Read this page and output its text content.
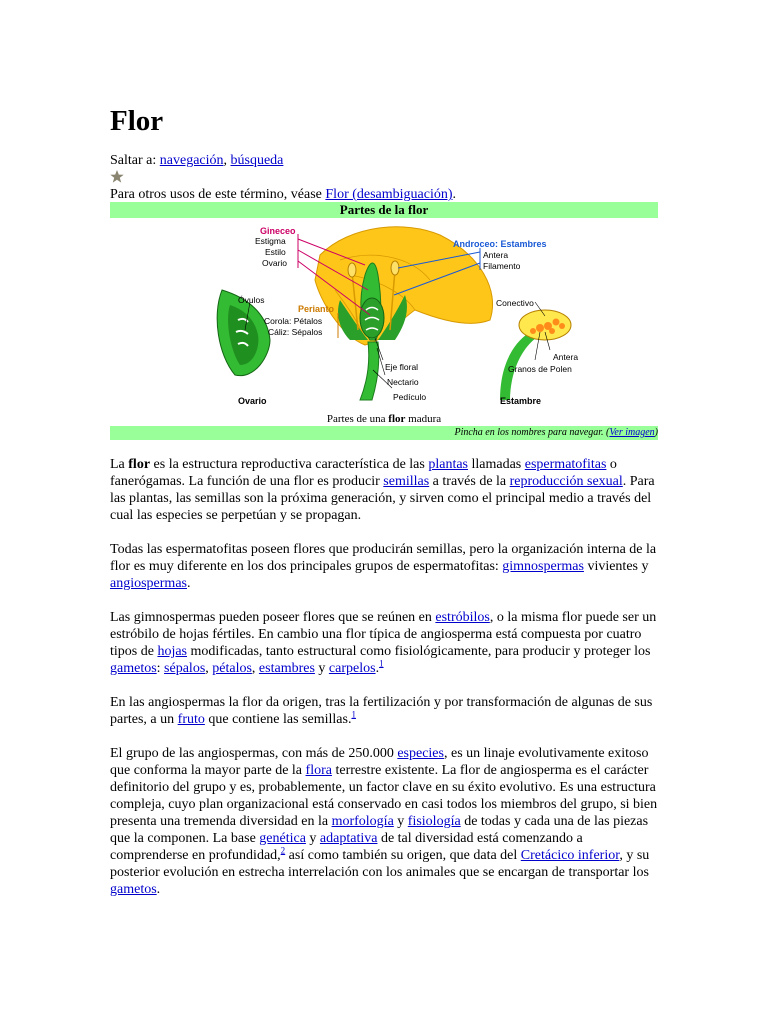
Flor
Saltar a: navegación, búsqueda
Para otros usos de este término, véase Flor (desambiguación).
Partes de la flor
Gineceo
Estigma
Estilo
Ovario
Androceo: Estambres
Antera
Filamento
Óvulos
Perianto
Corola: Pétalos
Cáliz: Sépalos
Conectivo
Antera
Granos de Polen
Eje floral
Nectario
Pedículo
Ovario	Estambre
Partes de una flor madura
Pincha en los nombres para navegar. (Ver imagen)

La flor es la estructura reproductiva característica de las plantas llamadas espermatofitas o fanerógamas. La función de una flor es producir semillas a través de la reproducción sexual. Para las plantas, las semillas son la próxima generación, y sirven como el principal medio a través del cual las especies se perpetúan y se propagan.

Todas las espermatofitas poseen flores que producirán semillas, pero la organización interna de la flor es muy diferente en los dos principales grupos de espermatofitas: gimnospermas vivientes y angiospermas.

Las gimnospermas pueden poseer flores que se reúnen en estróbilos, o la misma flor puede ser un estróbilo de hojas fértiles. En cambio una flor típica de angiosperma está compuesta por cuatro tipos de hojas modificadas, tanto estructural como fisiológicamente, para producir y proteger los gametos: sépalos, pétalos, estambres y carpelos.$^1$

En las angiospermas la flor da origen, tras la fertilización y por transformación de algunas de sus partes, a un fruto que contiene las semillas.$^1$

El grupo de las angiospermas, con más de 250.000 especies, es un linaje evolutivamente exitoso que conforma la mayor parte de la flora terrestre existente. La flor de angiosperma es el carácter definitorio del grupo y es, probablemente, un factor clave en su éxito evolutivo. Es una estructura compleja, cuyo plan organizacional está conservado en casi todos los miembros del grupo, si bien presenta una tremenda diversidad en la morfología y fisiología de todas y cada una de las piezas que la componen. La base genética y adaptativa de tal diversidad está comenzando a comprenderse en profundidad,$^2$ así como también su origen, que data del Cretácico inferior, y su posterior evolución en estrecha interrelación con los animales que se encargan de transportar los gametos.
